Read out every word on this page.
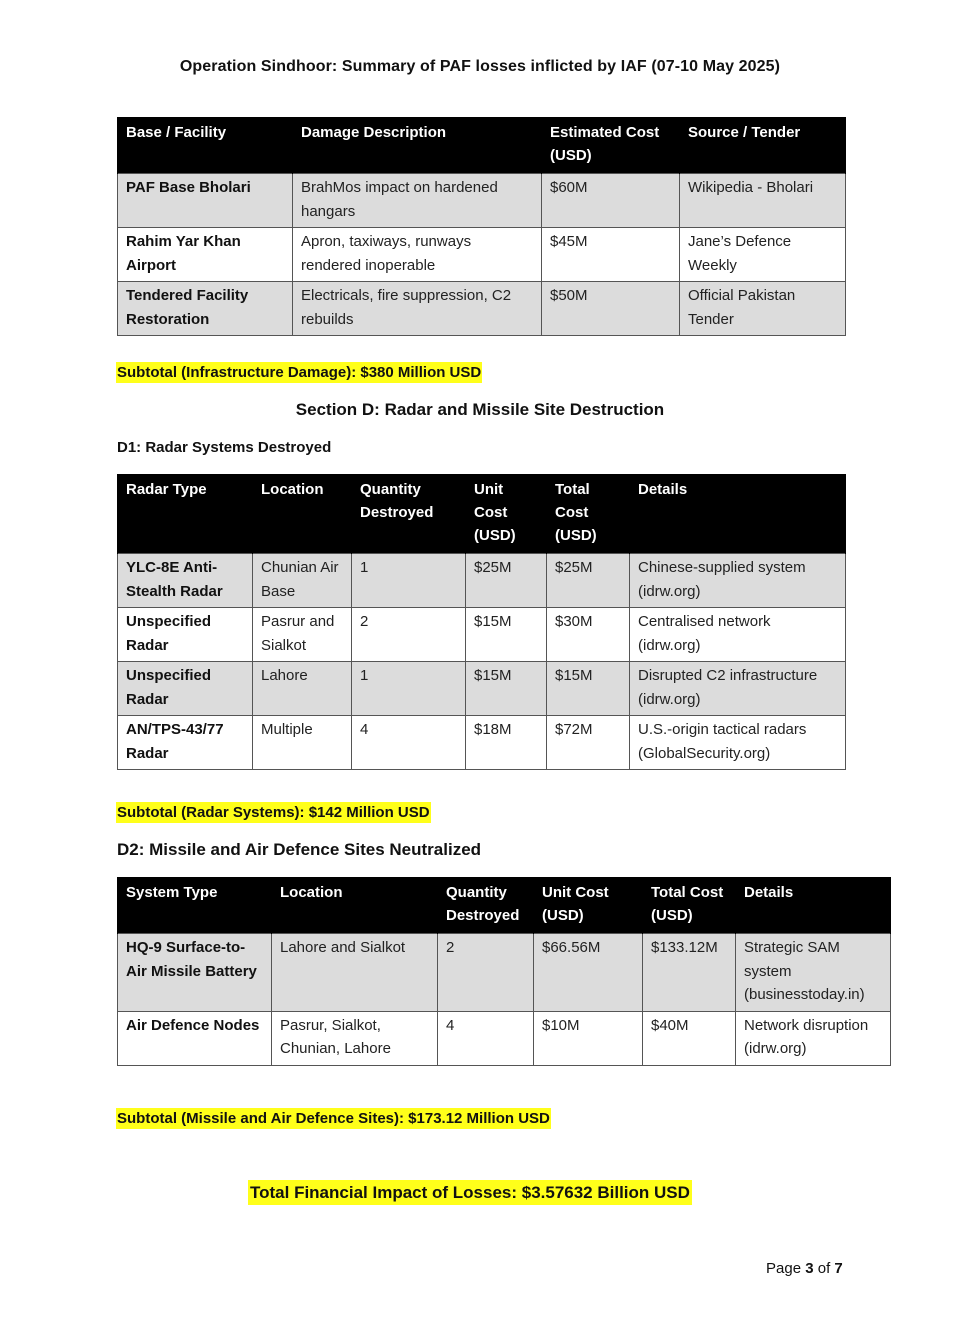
Operation Sindhoor: Summary of PAF losses inflicted by IAF (07-10 May 2025)
Base / Facility	Damage Description	Estimated Cost (USD)	Source / Tender
PAF Base Bholari	BrahMos impact on hardened hangars	$60M	Wikipedia - Bholari
Rahim Yar Khan Airport	Apron, taxiways, runways rendered inoperable	$45M	Jane’s Defence Weekly
Tendered Facility Restoration	Electricals, fire suppression, C2 rebuilds	$50M	Official Pakistan Tender
Subtotal (Infrastructure Damage): $380 Million USD
Section D: Radar and Missile Site Destruction
D1: Radar Systems Destroyed
Radar Type	Location	Quantity Destroyed	Unit Cost (USD)	Total Cost (USD)	Details
YLC-8E Anti-Stealth Radar	Chunian Air Base	1	$25M	$25M	Chinese-supplied system (idrw.org)
Unspecified Radar	Pasrur and Sialkot	2	$15M	$30M	Centralised network (idrw.org)
Unspecified Radar	Lahore	1	$15M	$15M	Disrupted C2 infrastructure (idrw.org)
AN/TPS-43/77 Radar	Multiple	4	$18M	$72M	U.S.-origin tactical radars (GlobalSecurity.org)
Subtotal (Radar Systems): $142 Million USD
D2: Missile and Air Defence Sites Neutralized
System Type	Location	Quantity Destroyed	Unit Cost (USD)	Total Cost (USD)	Details
HQ-9 Surface-to-Air Missile Battery	Lahore and Sialkot	2	$66.56M	$133.12M	Strategic SAM system (businesstoday.in)
Air Defence Nodes	Pasrur, Sialkot, Chunian, Lahore	4	$10M	$40M	Network disruption (idrw.org)
Subtotal (Missile and Air Defence Sites): $173.12 Million USD
Total Financial Impact of Losses: $3.57632 Billion USD
Page 3 of 7
